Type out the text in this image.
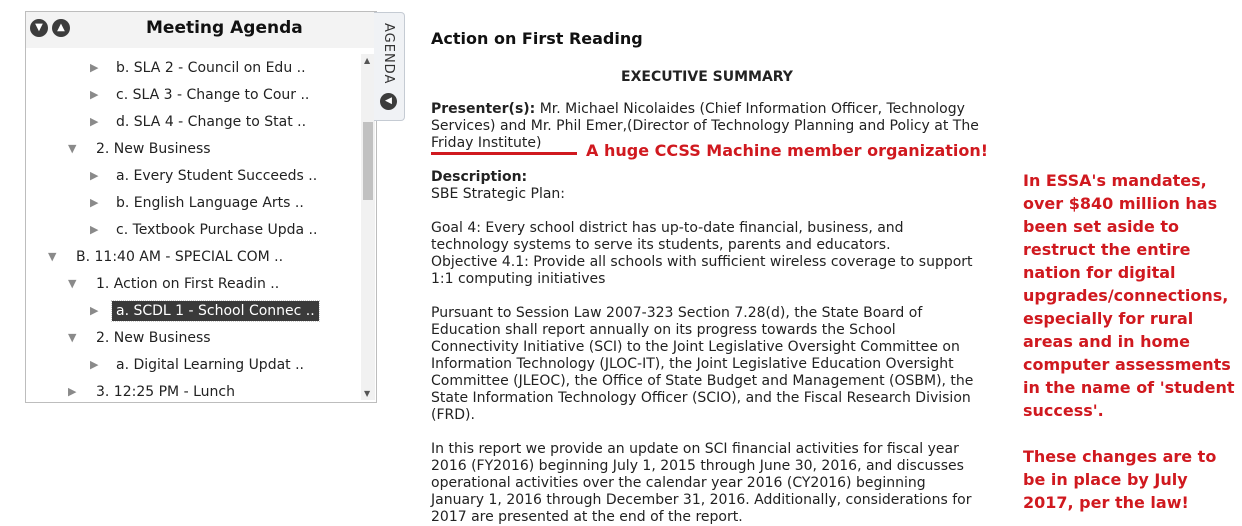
▼	▲	Meeting Agenda
▶ b. SLA 2 - Council on Edu ..
▶ c. SLA 3 - Change to Cour ..
▶ d. SLA 4 - Change to Stat ..
▼ 2. New Business
▶ a. Every Student Succeeds ..
▶ b. English Language Arts ..
▶ c. Textbook Purchase Upda ..
▼ B. 11:40 AM - SPECIAL COM ..
▼ 1. Action on First Readin ..
▶ a. SCDL 1 - School Connec ..
▼ 2. New Business
▶ a. Digital Learning Updat ..
▶ 3. 12:25 PM - Lunch
▲
▼
AGENDA
◀
Action on First Reading
EXECUTIVE SUMMARY

Presenter(s): Mr. Michael Nicolaides (Chief Information Officer, Technology Services) and Mr. Phil Emer,(Director of Technology Planning and Policy at The Friday Institute)

Description:
SBE Strategic Plan:

Goal 4: Every school district has up-to-date financial, business, and technology systems to serve its students, parents and educators.
Objective 4.1: Provide all schools with sufficient wireless coverage to support 1:1 computing initiatives

Pursuant to Session Law 2007-323 Section 7.28(d), the State Board of Education shall report annually on its progress towards the School Connectivity Initiative (SCI) to the Joint Legislative Oversight Committee on Information Technology (JLOC-IT), the Joint Legislative Education Oversight Committee (JLEOC), the Office of State Budget and Management (OSBM), the State Information Technology Officer (SCIO), and the Fiscal Research Division (FRD).

In this report we provide an update on SCI financial activities for fiscal year 2016 (FY2016) beginning July 1, 2015 through June 30, 2016, and discusses operational activities over the calendar year 2016 (CY2016) beginning January 1, 2016 through December 31, 2016. Additionally, considerations for 2017 are presented at the end of the report.

A huge CCSS Machine member organization!

In ESSA's mandates, over $840 million has been set aside to restruct the entire nation for digital upgrades/connections, especially for rural areas and in home computer assessments in the name of 'student success'.

These changes are to be in place by July 2017, per the law!
